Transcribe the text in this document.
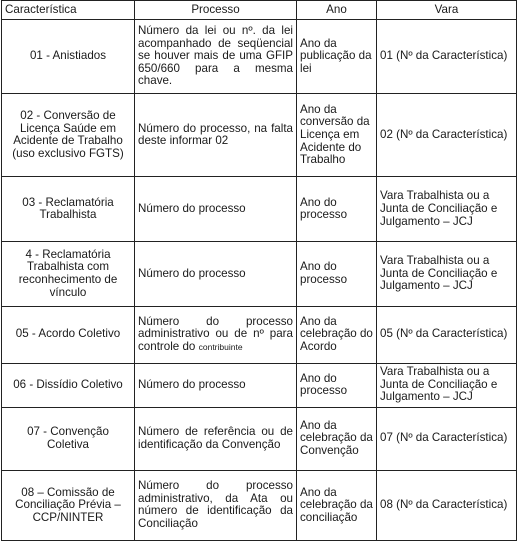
Característica	Processo	Ano	Vara
01 - Anistiados	Número da lei ou nº. da lei acompanhado de seqüencial se houver mais de uma GFIP 650/660 para a mesma chave.	Ano da publicação da lei	01 (Nº da Característica)
02 - Conversão de Licença Saúde em Acidente de Trabalho (uso exclusivo FGTS)	Número do processo, na falta deste informar 02	Ano da conversão da Licença em Acidente do Trabalho	02 (Nº da Característica)
03 - Reclamatória Trabalhista	Número do processo	Ano do processo	Vara Trabalhista ou a Junta de Conciliação e Julgamento – JCJ
4 - Reclamatória Trabalhista com reconhecimento de vínculo	Número do processo	Ano do processo	Vara Trabalhista ou a Junta de Conciliação e Julgamento – JCJ
05 - Acordo Coletivo	Número do processo administrativo ou de nº para controle do contribuinte	Ano da celebração do Acordo	05 (Nº da Característica)
06 - Dissídio Coletivo	Número do processo	Ano do processo	Vara Trabalhista ou a Junta de Conciliação e Julgamento – JCJ
07 - Convenção Coletiva	Número de referência ou de identificação da Convenção	Ano da celebração da Convenção	07 (Nº da Característica)
08 – Comissão de Conciliação Prévia – CCP/NINTER	Número do processo administrativo, da Ata ou número de identificação da Conciliação	Ano da celebração da conciliação	08 (Nº da Característica)
